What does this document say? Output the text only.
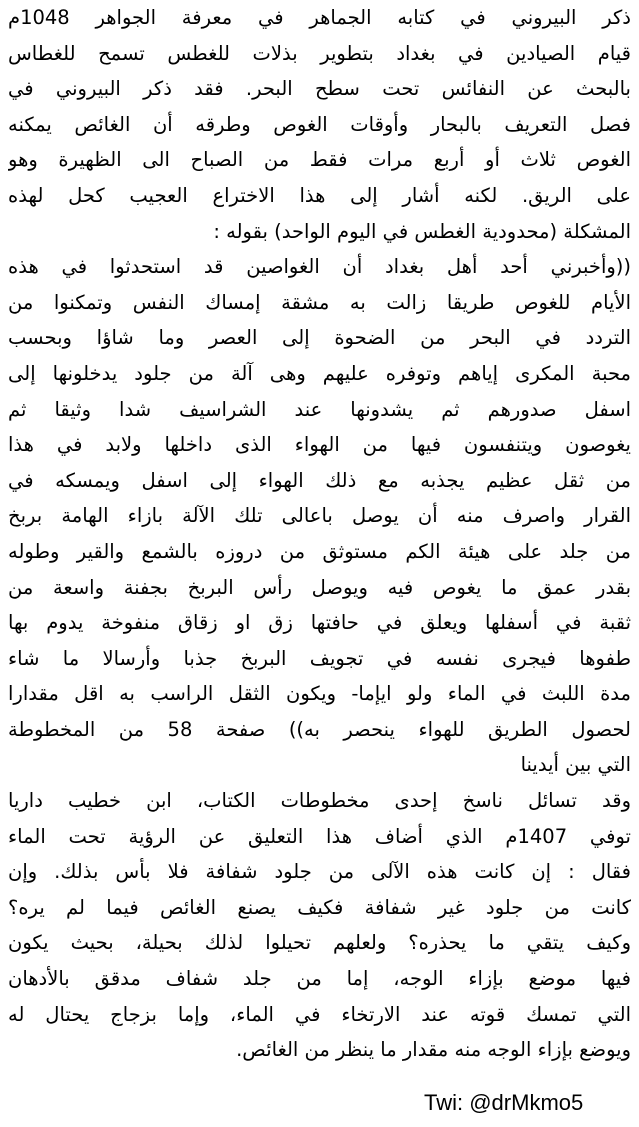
ذكر البيروني في كتابه الجماهر في معرفة الجواهر 1048م
قيام الصيادين في بغداد بتطوير بذلات للغطس تسمح للغطاس
بالبحث عن النفائس تحت سطح البحر. فقد ذكر البيروني في
فصل التعريف بالبحار وأوقات الغوص وطرقه أن الغائص يمكنه
الغوص ثلاث أو أربع مرات فقط من الصباح الى الظهيرة وهو
على الريق. لكنه أشار إلى هذا الاختراع العجيب كحل لهذه
المشكلة (محدودية الغطس في اليوم الواحد) بقوله :
((وأخبرني أحد أهل بغداد أن الغواصين قد استحدثوا في هذه
الأيام للغوص طريقا زالت به مشقة إمساك النفس وتمكنوا من
التردد في البحر من الضحوة إلى العصر وما شاؤا وبحسب
محبة المكرى إياهم وتوفره عليهم وهى آلة من جلود يدخلونها إلى
اسفل صدورهم ثم يشدونها عند الشراسيف شدا وثيقا ثم
يغوصون ويتنفسون فيها من الهواء الذى داخلها ولابد في هذا
من ثقل عظيم يجذبه مع ذلك الهواء إلى اسفل ويمسكه في
القرار واصرف منه أن يوصل باعالى تلك الآلة بازاء الهامة بربخ
من جلد على هيئة الكم مستوثق من دروزه بالشمع والقير وطوله
بقدر عمق ما يغوص فيه ويوصل رأس البربخ بجفنة واسعة من
ثقبة في أسفلها ويعلق في حافتها زق او زقاق منفوخة يدوم بها
طفوها فيجرى نفسه في تجويف البربخ جذبا وأرسالا ما شاء
مدة اللبث في الماء ولو ايإما- ويكون الثقل الراسب به اقل مقدارا
لحصول الطريق للهواء ينحصر به)) صفحة 58 من المخطوطة
التي بين أيدينا
وقد تسائل ناسخ إحدى مخطوطات الكتاب، ابن خطيب داريا
توفي 1407م الذي أضاف هذا التعليق عن الرؤية تحت الماء
فقال : إن كانت هذه الآلى من جلود شفافة فلا بأس بذلك. وإن
كانت من جلود غير شفافة فكيف يصنع الغائص فيما لم يره؟
وكيف يتقي ما يحذره؟ ولعلهم تحيلوا لذلك بحيلة، بحيث يكون
فيها موضع بإزاء الوجه، إما من جلد شفاف مدقق بالأدهان
التي تمسك قوته عند الارتخاء في الماء، وإما بزجاج يحتال له
ويوضع بإزاء الوجه منه مقدار ما ينظر من الغائص.
Twi: @drMkmo5
